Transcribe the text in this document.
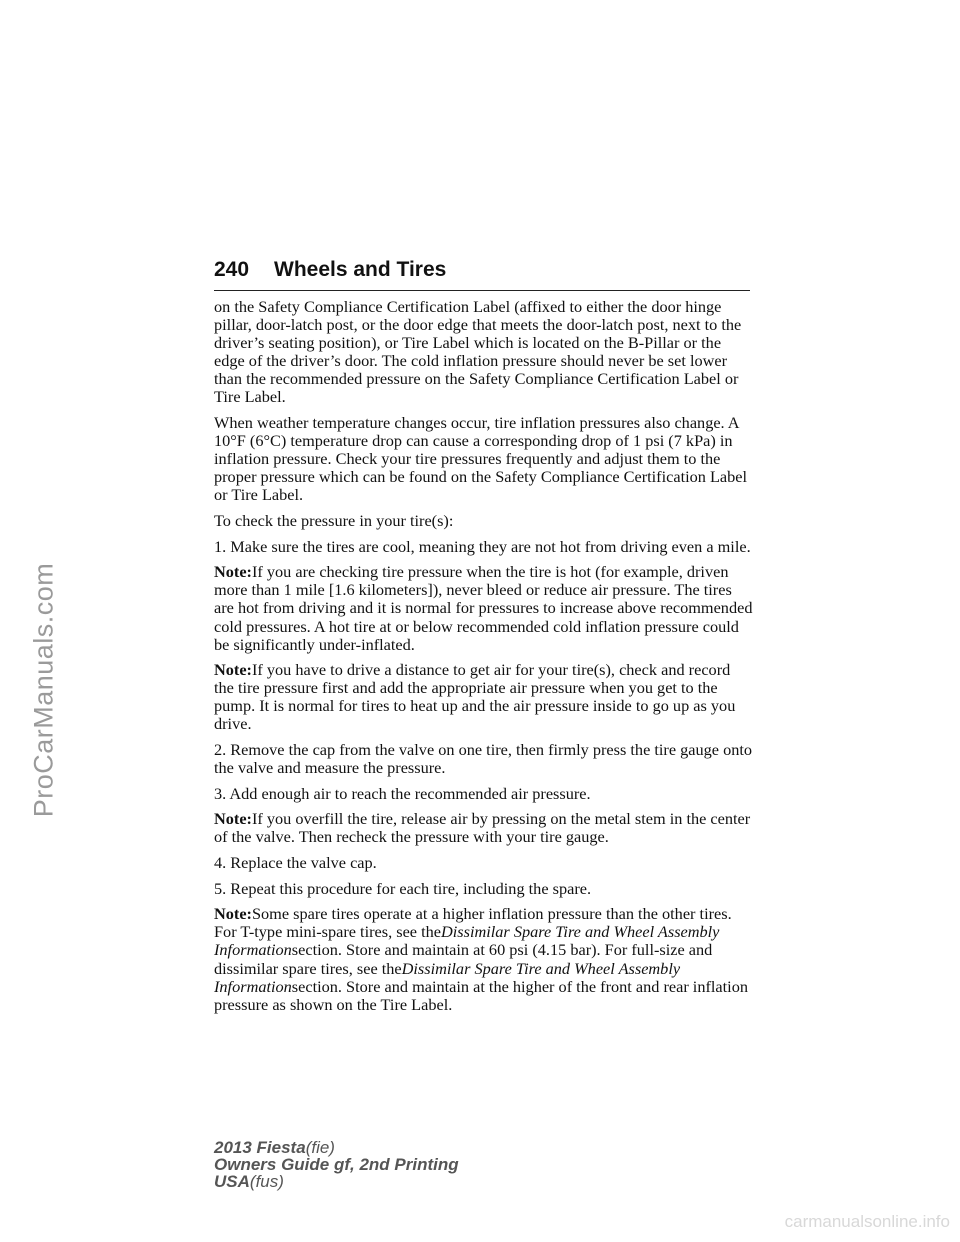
ProCarManuals.com
240 Wheels and Tires

on the Safety Compliance Certification Label (affixed to either the door hinge pillar, door-latch post, or the door edge that meets the door-latch post, next to the driver’s seating position), or Tire Label which is located on the B-Pillar or the edge of the driver’s door. The cold inflation pressure should never be set lower than the recommended pressure on the Safety Compliance Certification Label or Tire Label.

When weather temperature changes occur, tire inflation pressures also change. A 10°F (6°C) temperature drop can cause a corresponding drop of 1 psi (7 kPa) in inflation pressure. Check your tire pressures frequently and adjust them to the proper pressure which can be found on the Safety Compliance Certification Label or Tire Label.

To check the pressure in your tire(s):

1. Make sure the tires are cool, meaning they are not hot from driving even a mile.

Note:If you are checking tire pressure when the tire is hot (for example, driven more than 1 mile [1.6 kilometers]), never bleed or reduce air pressure. The tires are hot from driving and it is normal for pressures to increase above recommended cold pressures. A hot tire at or below recommended cold inflation pressure could be significantly under-inflated.

Note:If you have to drive a distance to get air for your tire(s), check and record the tire pressure first and add the appropriate air pressure when you get to the pump. It is normal for tires to heat up and the air pressure inside to go up as you drive.

2. Remove the cap from the valve on one tire, then firmly press the tire gauge onto the valve and measure the pressure.

3. Add enough air to reach the recommended air pressure.

Note:If you overfill the tire, release air by pressing on the metal stem in the center of the valve. Then recheck the pressure with your tire gauge.

4. Replace the valve cap.

5. Repeat this procedure for each tire, including the spare.

Note:Some spare tires operate at a higher inflation pressure than the other tires. For T-type mini-spare tires, see theDissimilar Spare Tire and Wheel Assembly Informationsection. Store and maintain at 60 psi (4.15 bar). For full-size and dissimilar spare tires, see theDissimilar Spare Tire and Wheel Assembly Informationsection. Store and maintain at the higher of the front and rear inflation pressure as shown on the Tire Label.

2013 Fiesta(fie)
Owners Guide gf, 2nd Printing
USA(fus)
carmanualsonline.info
